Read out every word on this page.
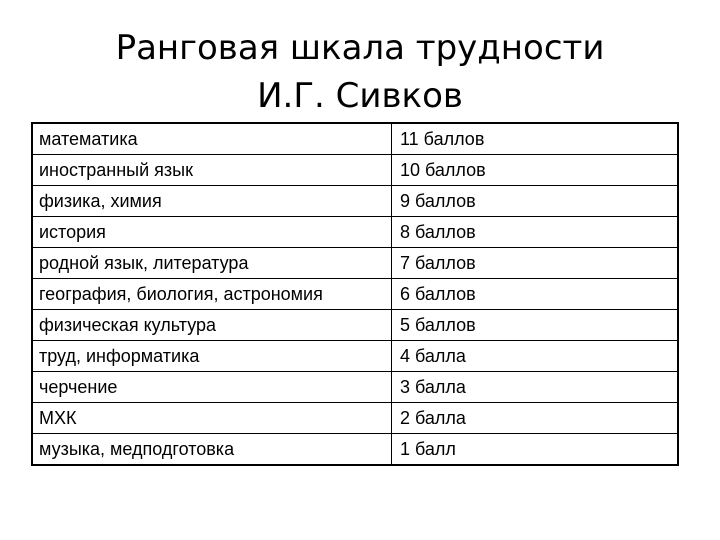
Ранговая шкала трудности
И.Г. Сивков
математика	11 баллов
иностранный язык	10 баллов
физика, химия	9 баллов
история	8 баллов
родной язык, литература	7 баллов
география, биология, астрономия	6 баллов
физическая культура	5 баллов
труд, информатика	4 балла
черчение	3 балла
МХК	2 балла
музыка, медподготовка	1 балл
